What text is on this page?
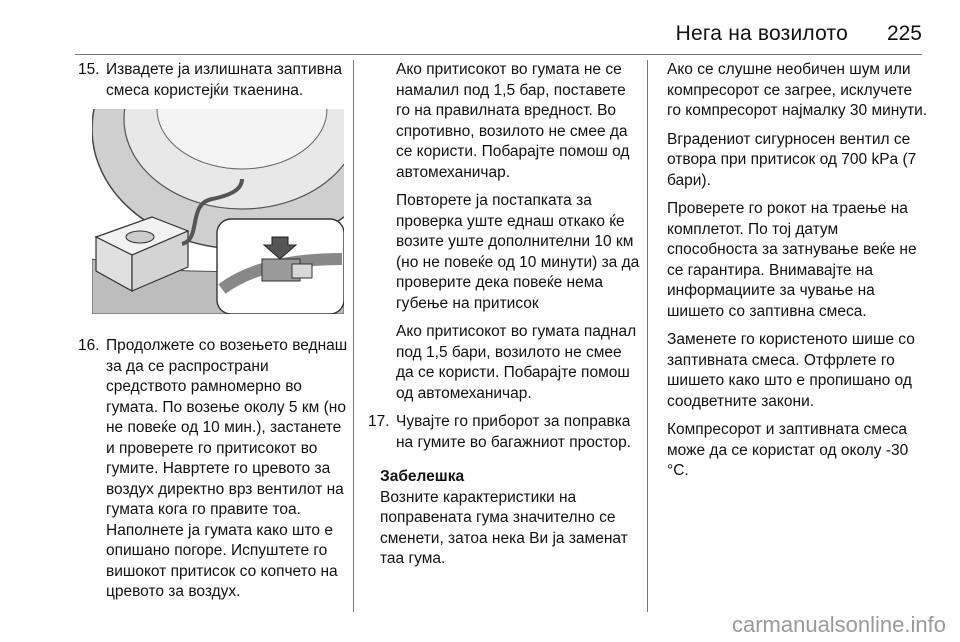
Нега на возилото 225
15. Извадете ја излишната заптивна смеса користејќи ткаенина.
16. Продолжете со возењето веднаш за да се распространи средството рамномерно во гумата. По возење околу 5 км (но не повеќе од 10 мин.), застанете и проверете го притисокот во гумите. Навртете го цревото за воздух директно врз вентилот на гумата кога го правите тоа. Наполнете ја гумата како што е опишано погоре. Испуштете го вишокот притисок со копчето на цревото за воздух.

Ако притисокот во гумата не се намалил под 1,5 бар, поставете го на правилната вредност. Во спротивно, возилото не смее да се користи. Побарајте помош од автомеханичар.

Повторете ја постапката за проверка уште еднаш откако ќе возите уште дополнителни 10 км (но не повеќе од 10 минути) за да проверите дека повеќе нема губење на притисок

Ако притисокот во гумата паднал под 1,5 бари, возилото не смее да се користи. Побарајте помош од автомеханичар.

17. Чувајте го приборот за поправка на гумите во багажниот простор.
Забелешка
Возните карактеристики на поправената гума значително се сменети, затоа нека Ви ја заменат таа гума.

Ако се слушне необичен шум или компресорот се загрее, исклучете го компресорот најмалку 30 минути.

Вградениот сигурносен вентил се отвора при притисок од 700 kPa (7 бари).

Проверете го рокот на траење на комплетот. По тој датум способноста за затнување веќе не се гарантира. Внимавајте на информациите за чување на шишето со заптивна смеса.

Заменете го користеното шише со заптивната смеса. Отфрлете го шишето како што е пропишано од соодветните закони.

Компресорот и заптивната смеса може да се користат од околу -30 °C.

carmanualsonline.info
